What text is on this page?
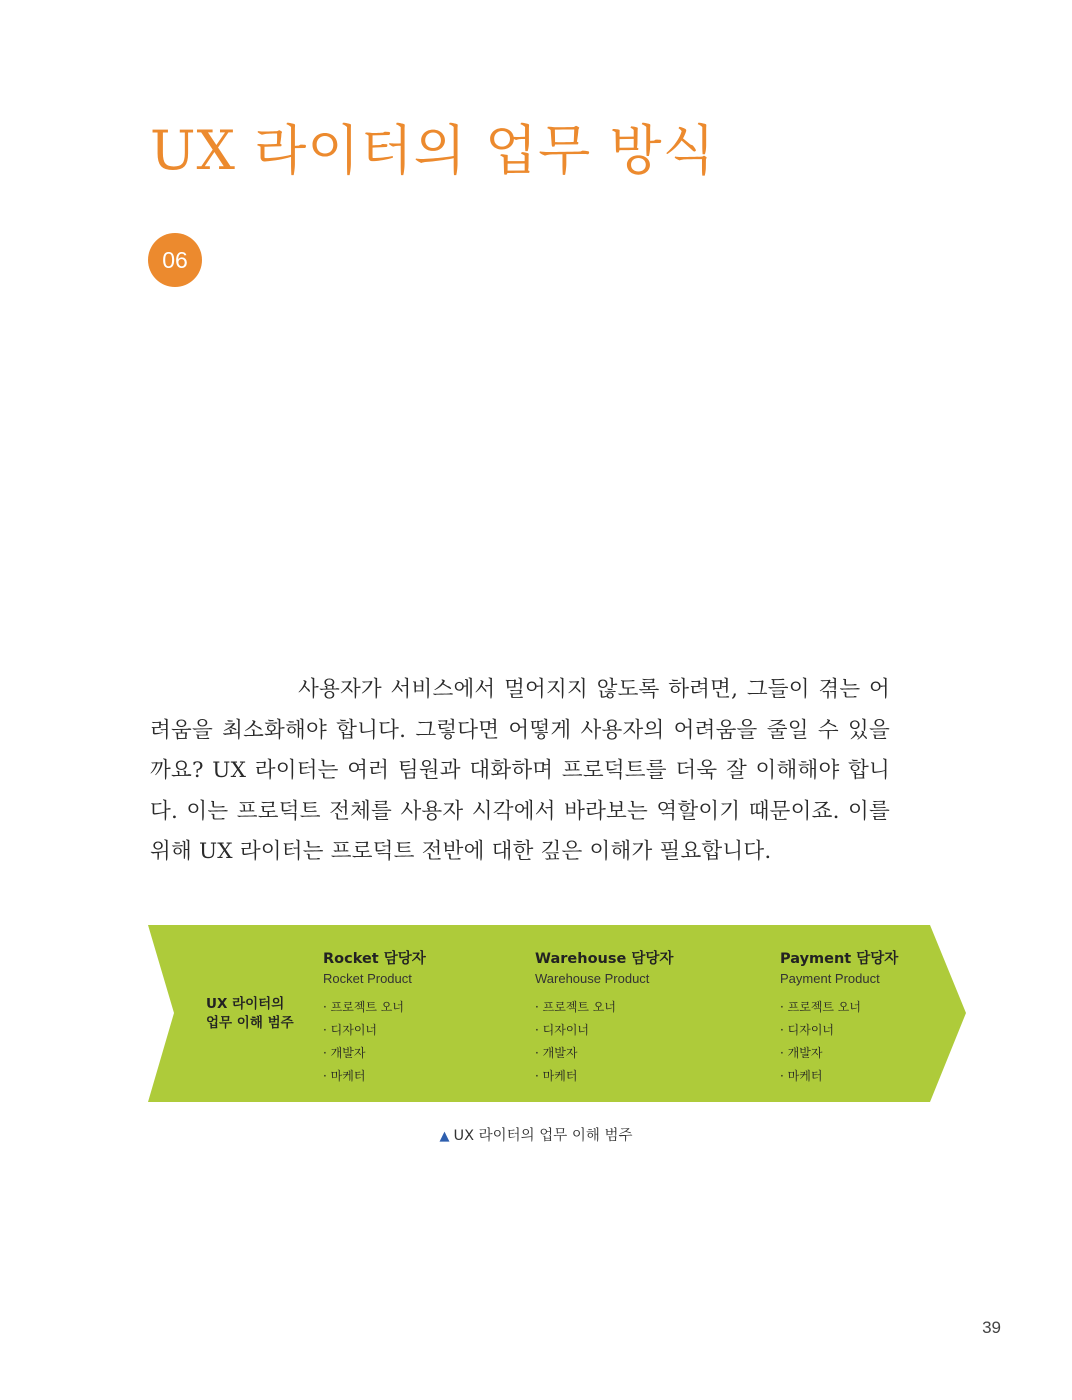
UX 라이터의 업무 방식
06

사용자가 서비스에서 멀어지지 않도록 하려면, 그들이 겪는 어려움을 최소화해야 합니다. 그렇다면 어떻게 사용자의 어려움을 줄일 수 있을까요? UX 라이터는 여러 팀원과 대화하며 프로덕트를 더욱 잘 이해해야 합니다. 이는 프로덕트 전체를 사용자 시각에서 바라보는 역할이기 때문이죠. 이를 위해 UX 라이터는 프로덕트 전반에 대한 깊은 이해가 필요합니다.

UX 라이터의
업무 이해 범주
Rocket 담당자
Rocket Product
· 프로젝트 오너
· 디자이너
· 개발자
· 마케터
Warehouse 담당자
Warehouse Product
· 프로젝트 오너
· 디자이너
· 개발자
· 마케터
Payment 담당자
Payment Product
· 프로젝트 오너
· 디자이너
· 개발자
· 마케터
▲ UX 라이터의 업무 이해 범주
39
